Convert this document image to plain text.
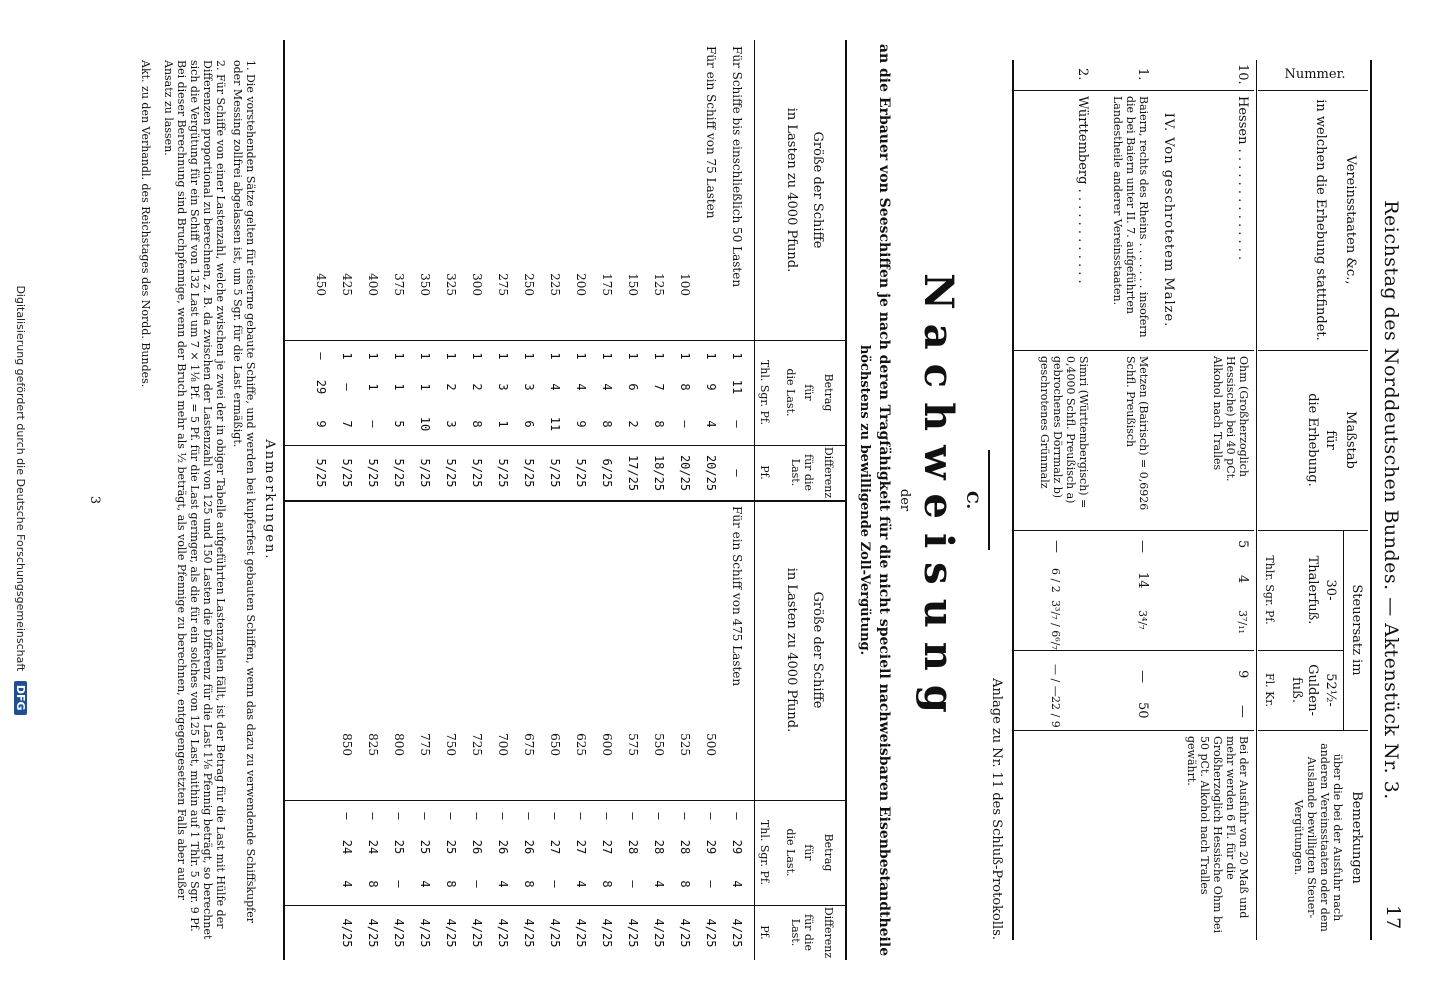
Reichstag des Norddeutschen Bundes. — Aktenstück Nr. 3.
17
Nummer.
Vereinsstaaten &c.,
in welchen die Erhebung stattfindet.
Maßstab
für
die Erhebung.
Steuersatz im
30-
Thalerfuß.
Thlr. Sgr. Pf.
52½-
Gulden-
fuß.
Fl. Kr.
Bemerkungen
über die bei der Ausfuhr nach anderen Vereinsstaaten oder dem Auslande bewilligten Steuer-Vergütungen.
10.
Hessen . . . . . . . . . . . . . .
Ohm (Großherzoglich Hessische) bei 40 pCt. Alkohol nach Tralles
5
4
3⁷/₁₁
9
—
Bei der Ausfuhr von 20 Maß und mehr werden 6 Fl. für die Großherzoglich Hessische Ohm bei 50 pCt. Alkohol nach Tralles gewährt.
IV. Von geschrotetem Malze.
1.
Baiern, rechts des Rheins . . . . . . . insofern die bei Baiern unter II. 7. aufgeführten Landestheile anderer Vereinsstaaten.
Metzen (Bairisch) = 0,6926 Schfl. Preußisch
—
14
3⁴/₇
—
50
2.
Württemberg . . . . . . . . . . . .
Simri (Württembergisch) = 0,4000 Schfl. Preußisch a) gebrochenes Dörrmalz b) geschrotenes Grünmalz
—
6 / 2
3³/₇ / 6⁶/₇
— / —
22 / 9
Anlage zu Nr. 11 des Schluß-Protokolls.
C.
Nachweisung
der
an die Erbauer von Seeschiffen je nach deren Tragfähigkeit für die nicht speciell nachweisbaren Eisenbestandtheile
höchstens zu bewilligende Zoll-Vergütung.
Größe der Schiffe
in Lasten zu 4000 Pfund.
Betrag
für
die Last.
Thl. Sgr. Pf.
Differenz
für die Last.
Pf.
Größe der Schiffe
in Lasten zu 4000 Pfund.
Betrag
für
die Last.
Thl. Sgr. Pf.
Differenz
für die Last.
Pf.
Für Schiffe bis einschließlich 50 Lasten
1
11
—
—
Für ein Schiff von 75 Lasten
1
9
4
20/25
100
1
8
—
20/25
125
1
7
8
18/25
150
1
6
2
17/25
175
1
4
8
6/25
200
1
4
9
5/25
225
1
4
11
5/25
250
1
3
6
5/25
275
1
3
1
5/25
300
1
2
8
5/25
325
1
2
3
5/25
350
1
1
10
5/25
375
1
1
5
5/25
400
1
1
—
5/25
425
1
—
7
5/25
450
—
29
9
5/25
Für ein Schiff von 475 Lasten
—
29
4
4/25
500
—
29
—
4/25
525
—
28
8
4/25
550
—
28
4
4/25
575
—
28
—
4/25
600
—
27
8
4/25
625
—
27
4
4/25
650
—
27
—
4/25
675
—
26
8
4/25
700
—
26
4
4/25
725
—
26
—
4/25
750
—
25
8
4/25
775
—
25
4
4/25
800
—
25
—
4/25
825
—
24
8
4/25
850
—
24
4
4/25
Anmerkungen.
1. Die vorstehenden Sätze gelten für eiserne gebaute Schiffe, und werden bei kupferfest gebauten Schiffen, wenn das dazu zu verwendende Schiffskupfer oder Messing zollfrei abgelassen ist, um 5 Sgr. für die Last ermäßigt.
2. Für Schiffe von einer Lastenzahl, welche zwischen je zwei der in obiger Tabelle aufgeführten Lastenzahlen fällt, ist der Betrag für die Last mit Hülfe der Differenzen proportional zu berechnen, z. B. da zwischen der Lastenzahl von 125 und 150 Lasten die Differenz für die Last 1⅛ Pfennig beträgt, so berechnet sich die Vergütung für ein Schiff von 132 Last um 7 × 1⅛ Pf. = 5 Pf. für die Last geringer, als die für ein solches von 125 Last, mithin auf 1 Thlr. 5 Sgr. 9 Pf. Bei dieser Berechnung sind Bruchpfennige, wenn der Bruch mehr als ½ beträgt, als volle Pfennige zu berechnen, entgegengesetzten Falls aber außer Ansatz zu lassen.
Akt. zu den Verhandl. des Reichstages des Nordd. Bundes.
3
Digitalisierung gefördert durch die Deutsche Forschungsgemeinschaft DFG
